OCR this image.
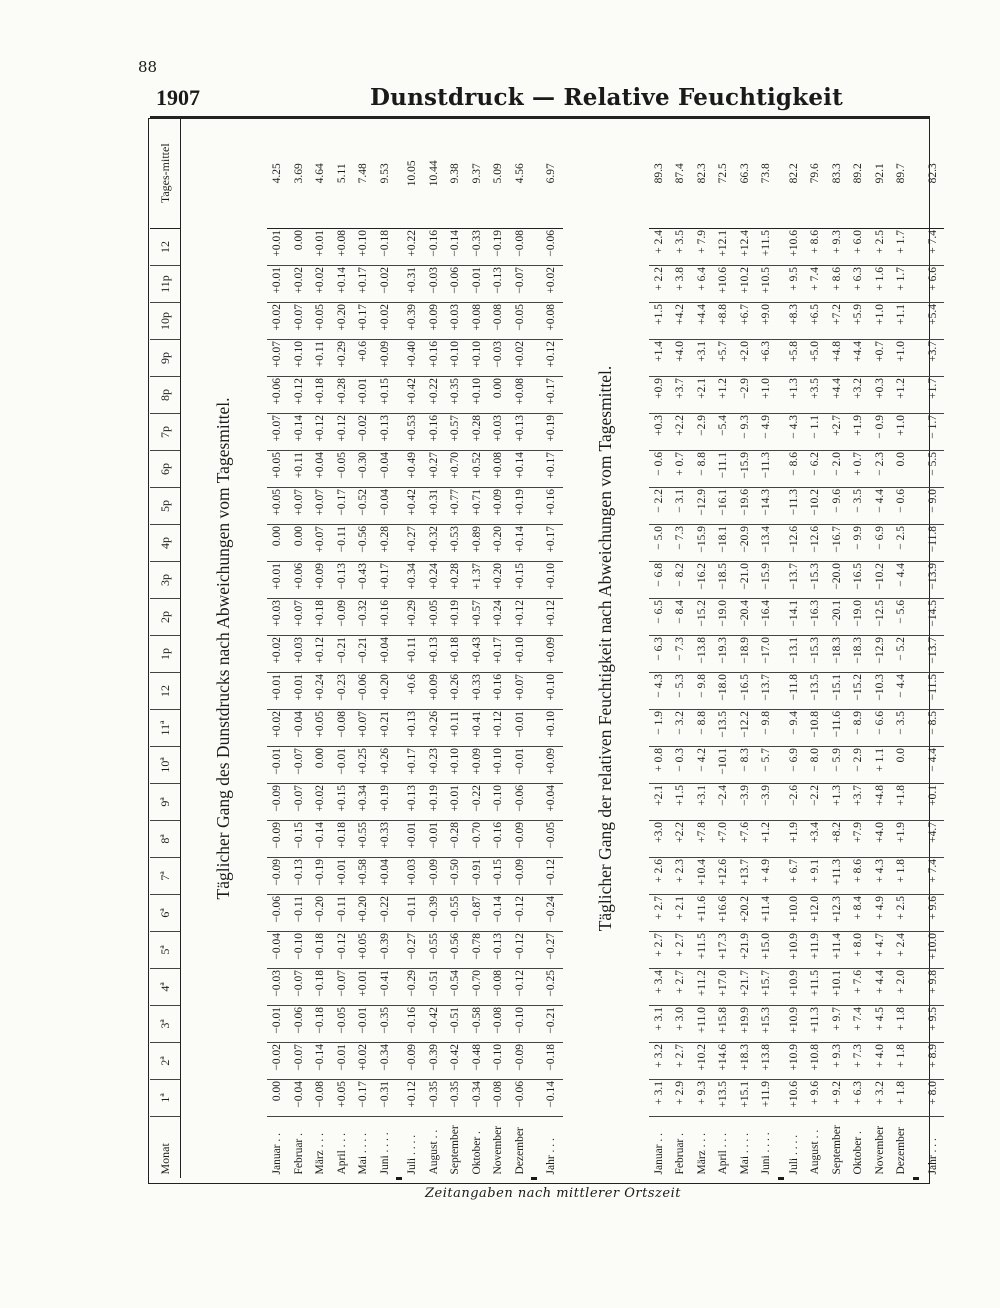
88
1907	Dunstdruck — Relative Feuchtigkeit
Monat	1ª	2ª	3ª	4ª	5ª	6ª	7ª	8ª	9ª	10ª	11ª	12	1p	2p	3p	4p	5p	6p	7p	8p	9p	10p	11p	12	Tages-mittel
Täglicher Gang des Dunstdrucks nach Abweichungen vom Tagesmittel.																									
Januar . .	0.00	−0.02	−0.01	−0.03	−0.04	−0.06	−0.09	−0.09	−0.09	−0.01	+0.02	+0.01	+0.02	+0.03	+0.01	0.00	+0.05	+0.05	+0.07	+0.06	+0.07	+0.02	+0.01	+0.01	4.25
Februar .	−0.04	−0.07	−0.06	−0.07	−0.10	−0.11	−0.13	−0.15	−0.07	−0.07	−0.04	+0.01	+0.03	+0.07	+0.06	0.00	+0.07	+0.11	+0.14	+0.12	+0.10	+0.07	+0.02	0.00	3.69
März . . .	−0.08	−0.14	−0.18	−0.18	−0.18	−0.20	−0.19	−0.14	+0.02	0.00	+0.05	+0.24	+0.12	+0.18	+0.09	+0.07	+0.07	+0.04	+0.12	+0.18	+0.11	+0.05	+0.02	+0.01	4.64
April . . .	+0.05	−0.01	−0.05	−0.07	−0.12	−0.11	+0.01	+0.18	+0.15	−0.01	−0.08	−0.23	−0.21	−0.09	−0.13	−0.11	−0.17	−0.05	+0.12	+0.28	+0.29	+0.20	+0.14	+0.08	5.11
Mai . . . .	−0.17	+0.02	−0.01	+0.01	+0.05	+0.20	+0.58	+0.55	+0.34	+0.25	+0.07	−0.06	−0.21	−0.32	−0.43	−0.56	−0.52	−0.30	−0.02	+0.01	+0.6	+0.17	+0.17	+0.10	7.48
Juni . . . .	−0.31	−0.34	−0.35	−0.41	−0.39	−0.22	+0.04	+0.33	+0.19	+0.26	+0.21	+0.20	+0.04	+0.16	+0.17	+0.28	−0.04	−0.04	+0.13	+0.15	+0.09	+0.02	−0.02	−0.18	9.53

Juli . . . .	+0.12	−0.09	−0.16	−0.29	−0.27	−0.11	+0.03	+0.01	+0.13	+0.17	+0.13	+0.6	+0.11	+0.29	+0.34	+0.27	+0.42	+0.49	+0.53	+0.42	+0.40	+0.39	+0.31	+0.22	10.05
August . .	−0.35	−0.39	−0.42	−0.51	−0.55	−0.39	−0.09	−0.01	+0.19	+0.23	+0.26	+0.09	+0.13	+0.05	+0.24	+0.32	+0.31	+0.27	+0.16	+0.22	+0.16	+0.09	−0.03	−0.16	10.44
September	−0.35	−0.42	−0.51	−0.54	−0.56	−0.55	−0.50	−0.28	+0.01	+0.10	+0.11	+0.26	+0.18	+0.19	+0.28	+0.53	+0.77	+0.70	+0.57	+0.35	+0.10	+0.03	−0.06	−0.14	9.38
Oktober .	−0.34	−0.48	−0.58	−0.70	−0.78	−0.87	−0.91	−0.70	−0.22	+0.09	+0.41	+0.33	+0.43	+0.57	+1.37	+0.89	+0.71	+0.52	+0.28	+0.10	+0.10	+0.08	−0.01	−0.33	9.37
November	−0.08	−0.10	−0.08	−0.08	−0.13	−0.14	−0.15	−0.16	−0.10	+0.10	+0.12	+0.16	+0.17	+0.24	+0.20	+0.20	+0.09	+0.08	+0.03	0.00	−0.03	−0.08	−0.13	−0.19	5.09
Dezember	−0.06	−0.09	−0.10	−0.12	−0.12	−0.12	−0.09	−0.09	−0.06	−0.01	−0.01	+0.07	+0.10	+0.12	+0.15	+0.14	+0.19	+0.14	+0.13	+0.08	+0.02	−0.05	−0.07	−0.08	4.56

Jahr . . .	−0.14	−0.18	−0.21	−0.25	−0.27	−0.24	−0.12	−0.05	+0.04	+0.09	+0.10	+0.10	+0.09	+0.12	+0.10	+0.17	+0.16	+0.17	+0.19	+0.17	+0.12	+0.08	+0.02	−0.06	6.97
Täglicher Gang der relativen Feuchtigkeit nach Abweichungen vom Tagesmittel.																									
Januar . .	+ 3.1	+ 3.2	+ 3.1	+ 3.4	+ 2.7	+ 2.7	+ 2.6	+3.0	+2.1	+ 0.8	− 1.9	− 4.3	− 6.3	− 6.5	− 6.8	− 5.0	− 2.2	− 0.6	+0.3	+0.9	+1.4	+1.5	+ 2.2	+ 2.4	89.3
Februar .	+ 2.9	+ 2.7	+ 3.0	+ 2.7	+ 2.7	+ 2.1	+ 2.3	+2.2	+1.5	− 0.3	− 3.2	− 5.3	− 7.3	− 8.4	− 8.2	− 7.3	− 3.1	+ 0.7	+2.2	+3.7	+4.0	+4.2	+ 3.8	+ 3.5	87.4
März . . .	+ 9.3	+10.2	+11.0	+11.2	+11.5	+11.6	+10.4	+7.8	+3.1	− 4.2	− 8.8	− 9.8	−13.8	−15.2	−16.2	−15.9	−12.9	− 8.8	−2.9	+2.1	+3.1	+4.4	+ 6.4	+ 7.9	82.3
April . . .	+13.5	+14.6	+15.8	+17.0	+17.3	+16.6	+12.6	+7.0	−2.4	−10.1	−13.5	−18.0	−19.3	−19.0	−18.5	−18.1	−16.1	−11.1	−5.4	+1.2	+5.7	+8.8	+10.6	+12.1	72.5
Mai . . . .	+15.1	+18.3	+19.9	+21.7	+21.9	+20.2	+13.7	+7.6	−3.9	− 8.3	−12.2	−16.5	−18.9	−20.4	−21.0	−20.9	−19.6	−15.9	− 9.3	−2.9	+2.0	+6.7	+10.2	+12.4	66.3
Juni . . . .	+11.9	+13.8	+15.3	+15.7	+15.0	+11.4	+ 4.9	+1.2	−3.9	− 5.7	− 9.8	−13.7	−17.0	−16.4	−15.9	−13.4	−14.3	−11.3	− 4.9	+1.0	+6.3	+9.0	+10.5	+11.5	73.8

Juli . . . .	+10.6	+10.9	+10.9	+10.9	+10.9	+10.0	+ 6.7	+1.9	−2.6	− 6.9	− 9.4	−11.8	−13.1	−14.1	−13.7	−12.6	−11.3	− 8.6	− 4.3	+1.3	+5.8	+8.3	+ 9.5	+10.6	82.2
August . .	+ 9.6	+10.8	+11.3	+11.5	+11.9	+12.0	+ 9.1	+3.4	−2.2	− 8.0	−10.8	−13.5	−15.3	−16.3	−15.3	−12.6	−10.2	− 6.2	− 1.1	+3.5	+5.0	+6.5	+ 7.4	+ 8.6	79.6
September	+ 9.2	+ 9.3	+ 9.7	+10.1	+11.4	+12.3	+11.3	+8.2	+1.3	− 5.9	−11.6	−15.1	−18.3	−20.1	−20.0	−16.7	− 9.6	− 2.0	+2.7	+4.4	+4.8	+7.2	+ 8.6	+ 9.3	83.3
Oktober .	+ 6.3	+ 7.3	+ 7.4	+ 7.6	+ 8.0	+ 8.4	+ 8.6	+7.9	+3.7	− 2.9	− 8.9	−15.2	−18.3	−19.0	−16.5	− 9.9	− 3.5	+ 0.7	+1.9	+3.2	+4.4	+5.9	+ 6.3	+ 6.0	89.2
November	+ 3.2	+ 4.0	+ 4.5	+ 4.4	+ 4.7	+ 4.9	+ 4.3	+4.0	+4.8	+ 1.1	− 6.6	−10.3	−12.9	−12.5	−10.2	− 6.9	− 4.4	− 2.3	− 0.9	+0.3	+0.7	+1.0	+ 1.6	+ 2.5	92.1
Dezember	+ 1.8	+ 1.8	+ 1.8	+ 2.0	+ 2.4	+ 2.5	+ 1.8	+1.9	+1.8	0.0	− 3.5	− 4.4	− 5.2	− 5.6	− 4.4	− 2.5	− 0.6	0.0	+1.0	+1.2	+1.0	+1.1	+ 1.7	+ 1.7	89.7

Jahr . . .	+ 8.0	+ 8.9	+ 9.5	+ 9.8	+10.0	+ 9.6	+ 7.4	+4.7	+0.1	− 4.4	− 8.5	−11.5	−13.7	−14.5	−13.9	−11.8	− 9.0	− 5.5	− 1.7	+1.7	+3.7	+5.4	+ 6.6	+ 7.4	82.3
Zeitangaben nach mittlerer Ortszeit
